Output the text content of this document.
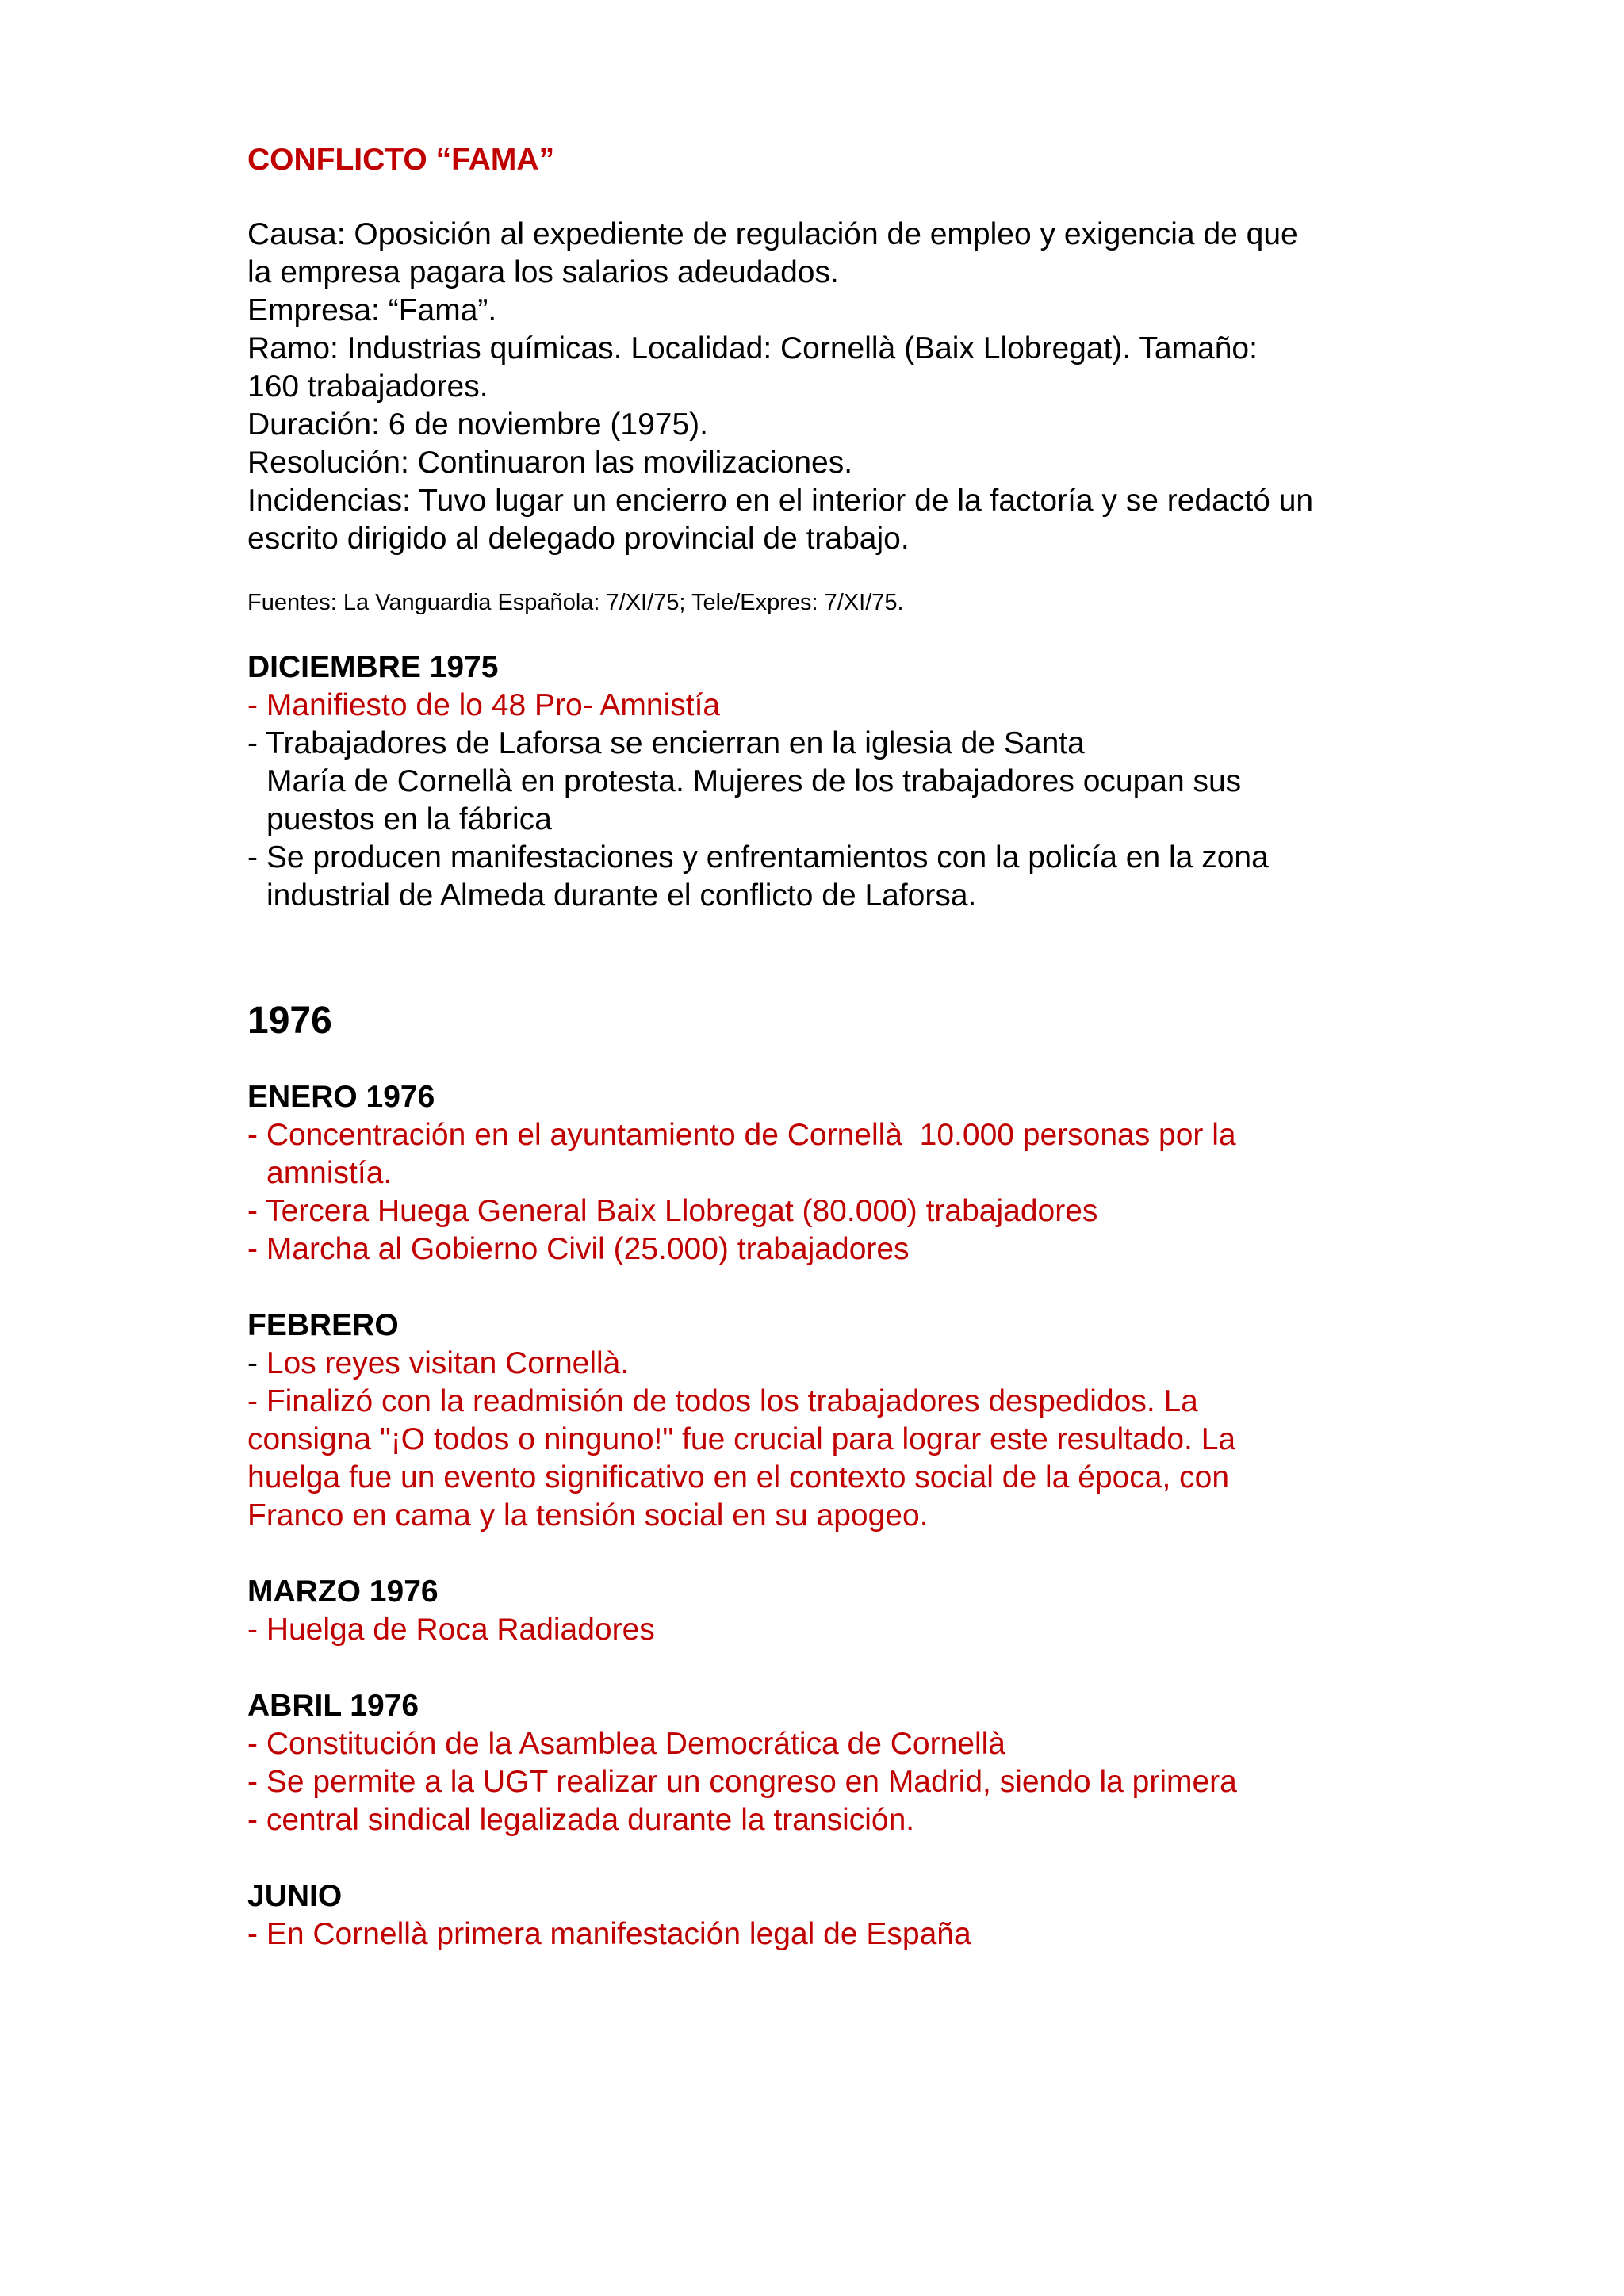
CONFLICTO “FAMA”
Causa: Oposición al expediente de regulación de empleo y exigencia de que
la empresa pagara los salarios adeudados.
Empresa: “Fama”.
Ramo: Industrias químicas. Localidad: Cornellà (Baix Llobregat). Tamaño:
160 trabajadores.
Duración: 6 de noviembre (1975).
Resolución: Continuaron las movilizaciones.
Incidencias: Tuvo lugar un encierro en el interior de la factoría y se redactó un
escrito dirigido al delegado provincial de trabajo.
Fuentes: La Vanguardia Española: 7/XI/75; Tele/Expres: 7/XI/75.
DICIEMBRE 1975
- Manifiesto de lo 48 Pro- Amnistía
- Trabajadores de Laforsa se encierran en la iglesia de Santa
María de Cornellà en protesta. Mujeres de los trabajadores ocupan sus
puestos en la fábrica
- Se producen manifestaciones y enfrentamientos con la policía en la zona
industrial de Almeda durante el conflicto de Laforsa.
1976
ENERO 1976
- Concentración en el ayuntamiento de Cornellà  10.000 personas por la
amnistía.
- Tercera Huega General Baix Llobregat (80.000) trabajadores
- Marcha al Gobierno Civil (25.000) trabajadores
FEBRERO
- Los reyes visitan Cornellà.
- Finalizó con la readmisión de todos los trabajadores despedidos. La
consigna "¡O todos o ninguno!" fue crucial para lograr este resultado. La
huelga fue un evento significativo en el contexto social de la época, con
Franco en cama y la tensión social en su apogeo.
MARZO 1976
- Huelga de Roca Radiadores
ABRIL 1976
- Constitución de la Asamblea Democrática de Cornellà
- Se permite a la UGT realizar un congreso en Madrid, siendo la primera
- central sindical legalizada durante la transición.
JUNIO
- En Cornellà primera manifestación legal de España
